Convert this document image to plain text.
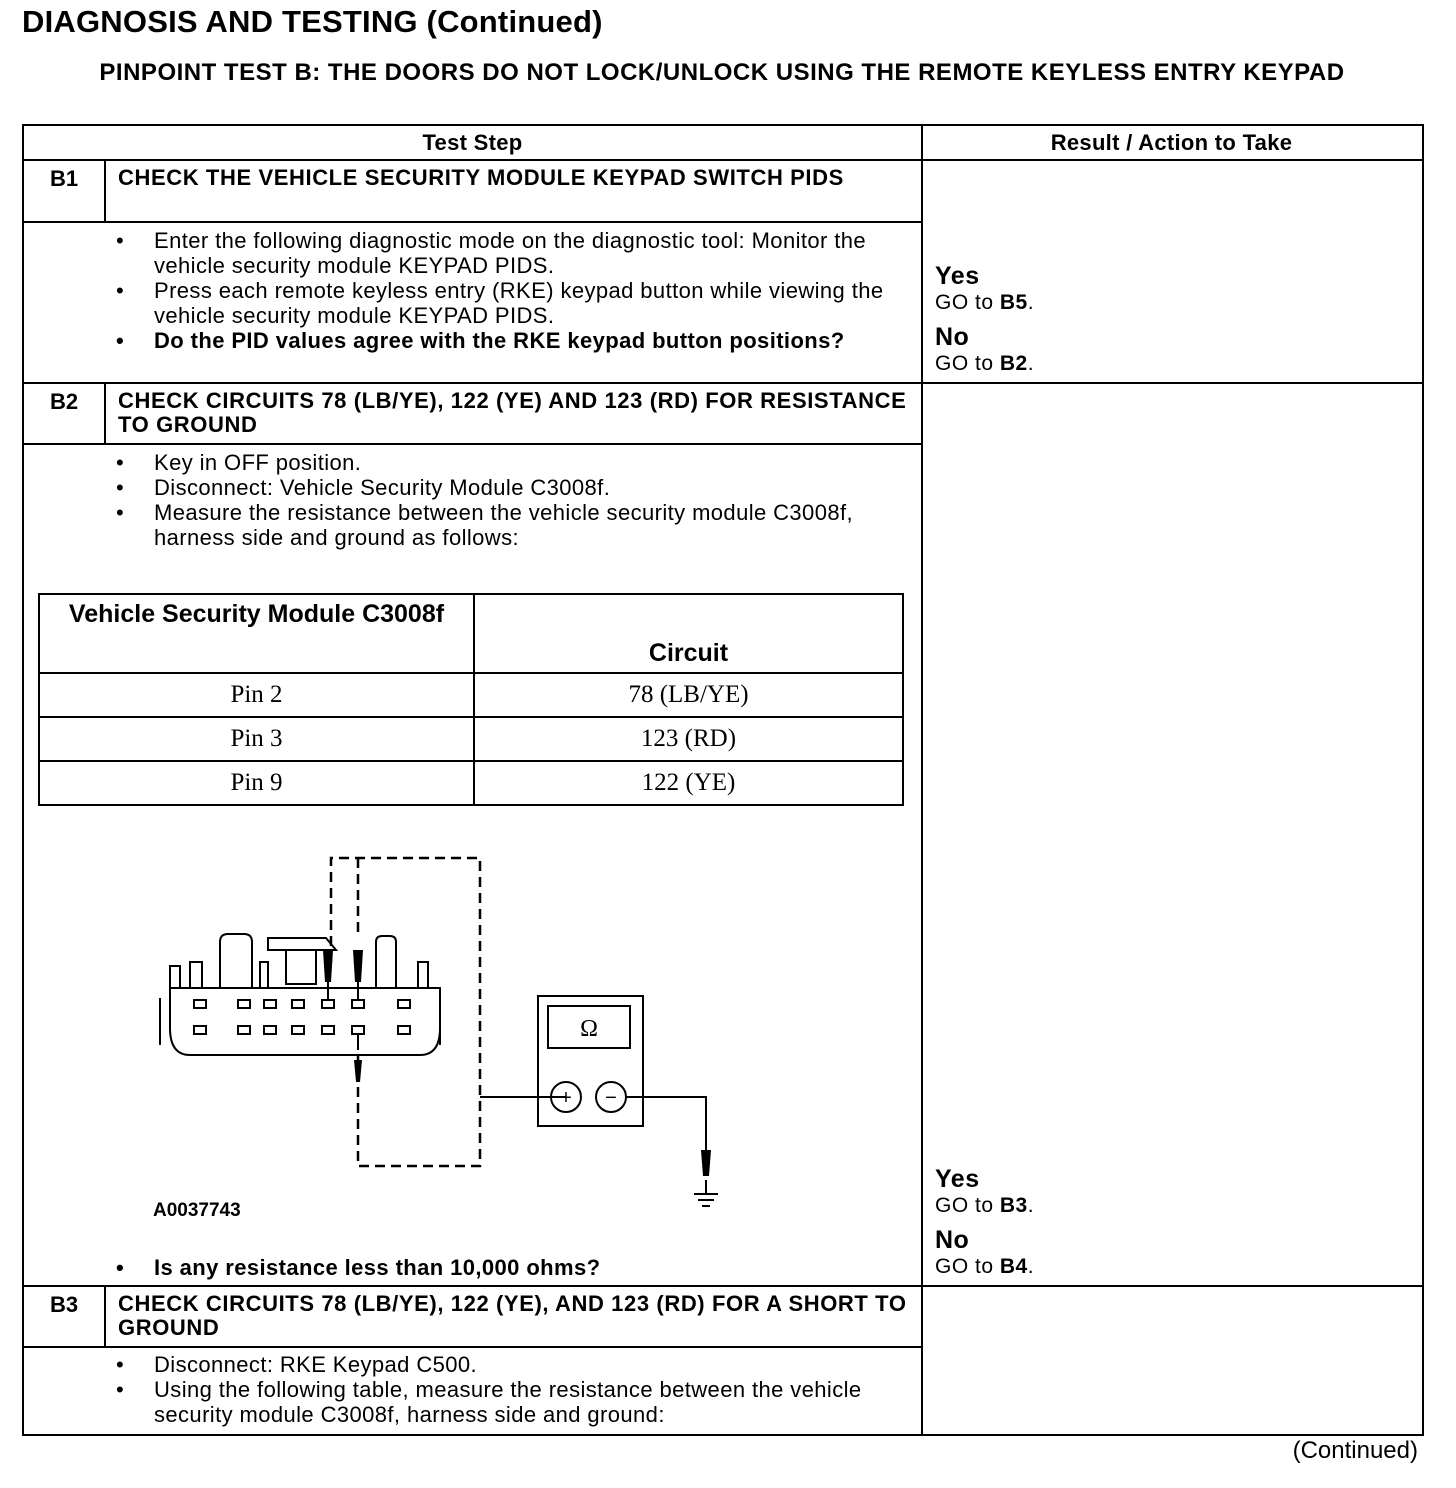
DIAGNOSIS AND TESTING (Continued)
PINPOINT TEST B: THE DOORS DO NOT LOCK/UNLOCK USING THE REMOTE KEYLESS ENTRY KEYPAD
Test Step	Result / Action to Take
B1	CHECK THE VEHICLE SECURITY MODULE KEYPAD SWITCH PIDS
• Enter the following diagnostic mode on the diagnostic tool: Monitor the vehicle security module KEYPAD PIDS.
• Press each remote keyless entry (RKE) keypad button while viewing the vehicle security module KEYPAD PIDS.
• Do the PID values agree with the RKE keypad button positions?
Yes
GO to B5.
No
GO to B2.
B2	CHECK CIRCUITS 78 (LB/YE), 122 (YE) AND 123 (RD) FOR RESISTANCE TO GROUND
• Key in OFF position.
• Disconnect: Vehicle Security Module C3008f.
• Measure the resistance between the vehicle security module C3008f, harness side and ground as follows:
Vehicle Security Module C3008f	Circuit
Pin 2	78 (LB/YE)
Pin 3	123 (RD)
Pin 9	122 (YE)
Ω
+ −
A0037743
• Is any resistance less than 10,000 ohms?
Yes
GO to B3.
No
GO to B4.
B3	CHECK CIRCUITS 78 (LB/YE), 122 (YE), AND 123 (RD) FOR A SHORT TO GROUND
• Disconnect: RKE Keypad C500.
• Using the following table, measure the resistance between the vehicle security module C3008f, harness side and ground:
(Continued)
